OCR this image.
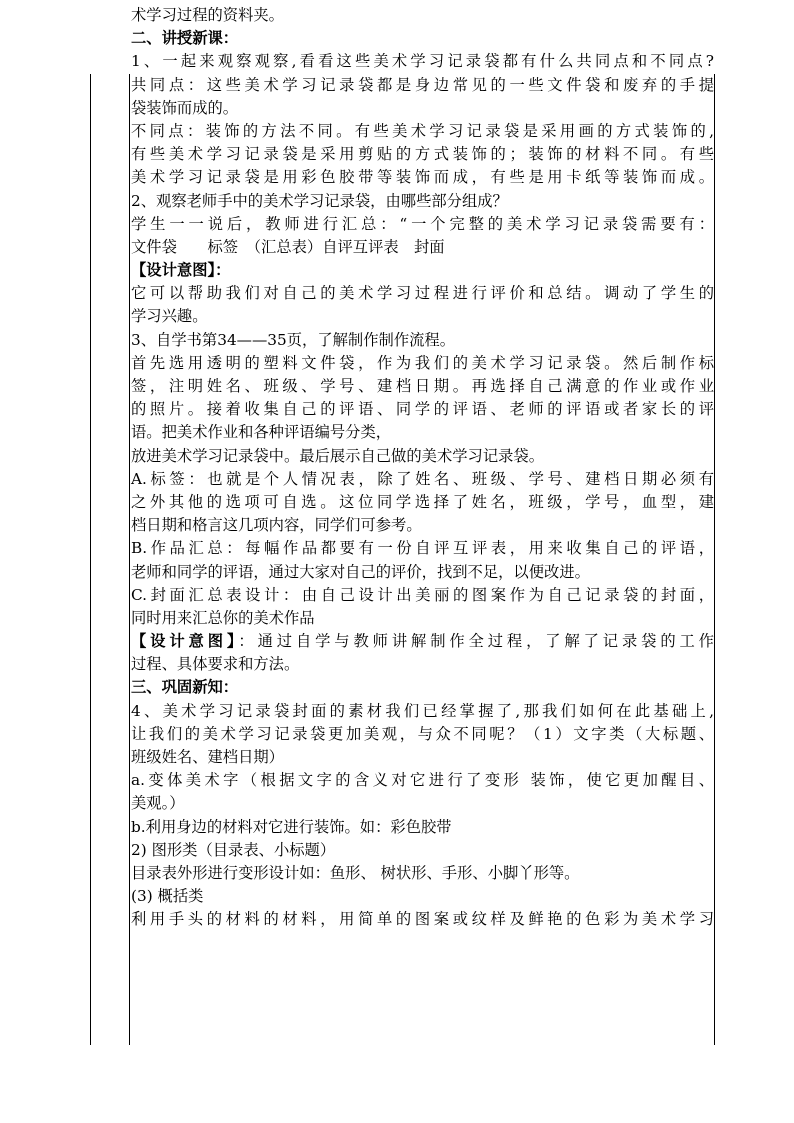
术学习过程的资料夹。
二、讲授新课：
1、一起来观察观察,看看这些美术学习记录袋都有什么共同点和不同点?
共同点：这些美术学习记录袋都是身边常见的一些文件袋和废弃的手提
袋装饰而成的。
不同点：装饰的方法不同。有些美术学习记录袋是采用画的方式装饰的,
有些美术学习记录袋是采用剪贴的方式装饰的；装饰的材料不同。有些
美术学习记录袋是用彩色胶带等装饰而成，有些是用卡纸等装饰而成。
2、观察老师手中的美术学习记录袋，由哪些部分组成？
学生一一说后，教师进行汇总：“一个完整的美术学习记录袋需要有：
文件袋　　标签　（汇总表）自评互评表　封面
【设计意图】：
它可以帮助我们对自己的美术学习过程进行评价和总结。调动了学生的
学习兴趣。
3、自学书第34——35页，了解制作制作流程。
首先选用透明的塑料文件袋，作为我们的美术学习记录袋。然后制作标
签，注明姓名、班级、学号、建档日期。再选择自己满意的作业或作业
的照片。接着收集自己的评语、同学的评语、老师的评语或者家长的评
语。把美术作业和各种评语编号分类，
放进美术学习记录袋中。最后展示自己做的美术学习记录袋。
A.标签：也就是个人情况表，除了姓名、班级、学号、建档日期必须有
之外其他的选项可自选。这位同学选择了姓名，班级，学号，血型，建
档日期和格言这几项内容，同学们可参考。
B.作品汇总：每幅作品都要有一份自评互评表，用来收集自己的评语，
老师和同学的评语，通过大家对自己的评价，找到不足，以便改进。
C.封面汇总表设计：由自己设计出美丽的图案作为自己记录袋的封面，
同时用来汇总你的美术作品
【设计意图】：通过自学与教师讲解制作全过程，了解了记录袋的工作
过程、具体要求和方法。
三、巩固新知：
4、美术学习记录袋封面的素材我们已经掌握了,那我们如何在此基础上,
让我们的美术学习记录袋更加美观，与众不同呢？（1）文字类（大标题、
班级姓名、建档日期）
a.变体美术字（根据文字的含义对它进行了变形 装饰，使它更加醒目、
美观。）
b.利用身边的材料对它进行装饰。如：彩色胶带
2) 图形类（目录表、小标题）
目录表外形进行变形设计如：鱼形、 树状形、手形、小脚丫形等。
(3) 概括类
利用手头的材料的材料，用简单的图案或纹样及鲜艳的色彩为美术学习
